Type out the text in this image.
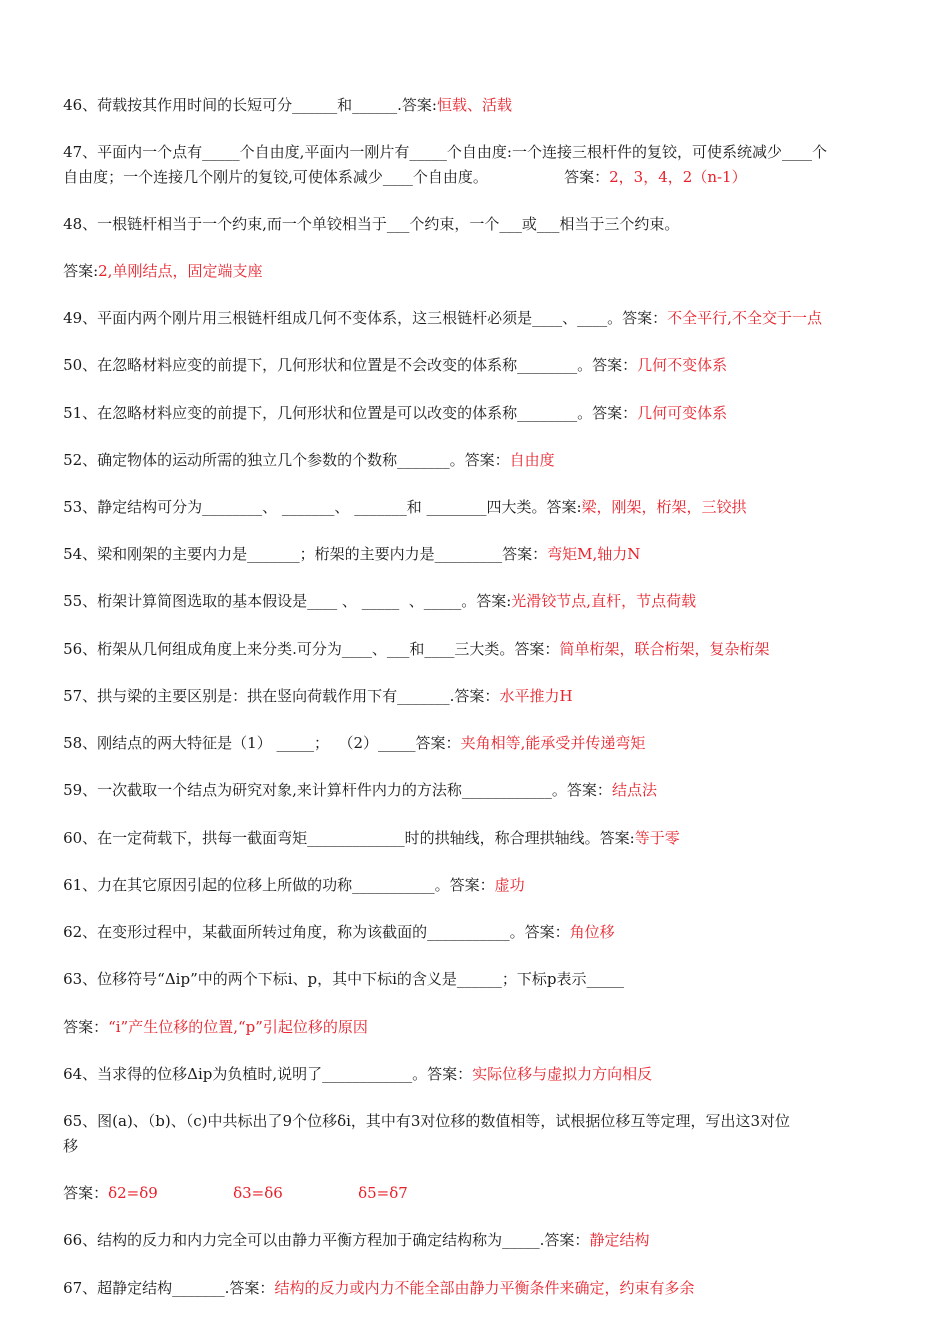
46、荷载按其作用时间的长短可分______和______.答案:恒载、活载

47、平面内一个点有_____个自由度,平面内一刚片有_____个自由度:一个连接三根杆件的复铰，可使系统减少____个

自由度；一个连接几个刚片的复铰,可使体系减少____个自由度。                答案：2，3，4，2（n-1）

48、一根链杆相当于一个约束,而一个单铰相当于___个约束，一个___或___相当于三个约束。

答案:2,单刚结点，固定端支座

49、平面内两个刚片用三根链杆组成几何不变体系，这三根链杆必须是____、____。答案：不全平行,不全交于一点

50、在忽略材料应变的前提下，几何形状和位置是不会改变的体系称________。答案：几何不变体系

51、在忽略材料应变的前提下，几何形状和位置是可以改变的体系称________。答案：几何可变体系

52、确定物体的运动所需的独立几个参数的个数称_______。答案：自由度

53、静定结构可分为________、 _______、 _______和 ________四大类。答案:梁，刚架，桁架，三铰拱

54、梁和刚架的主要内力是_______；桁架的主要内力是_________答案：弯矩M,轴力N

55、桁架计算简图选取的基本假设是____ 、 _____  、_____。答案:光滑铰节点,直杆，节点荷载

56、桁架从几何组成角度上来分类.可分为____、___和____三大类。答案：简单桁架，联合桁架，复杂桁架

57、拱与梁的主要区别是：拱在竖向荷载作用下有_______.答案：水平推力H

58、刚结点的两大特征是（1） _____；  （2）_____答案：夹角相等,能承受并传递弯矩

59、一次截取一个结点为研究对象,来计算杆件内力的方法称____________。答案：结点法

60、在一定荷载下，拱每一截面弯矩_____________时的拱轴线，称合理拱轴线。答案:等于零

61、力在其它原因引起的位移上所做的功称___________。答案：虚功

62、在变形过程中，某截面所转过角度，称为该截面的___________。答案：角位移

63、位移符号“Δip”中的两个下标i、p，其中下标i的含义是______；下标p表示_____

答案：“i”产生位移的位置,“p”引起位移的原因

64、当求得的位移Δip为负植时,说明了____________。答案：实际位移与虚拟力方向相反

65、图(a)、（b)、（c)中共标出了9个位移δi，其中有3对位移的数值相等，试根据位移互等定理，写出这3对位

移

答案：δ2=δ9	δ3=δ6	δ5=δ7

66、结构的反力和内力完全可以由静力平衡方程加于确定结构称为_____.答案：静定结构

67、超静定结构_______.答案：结构的反力或内力不能全部由静力平衡条件来确定，约束有多余
